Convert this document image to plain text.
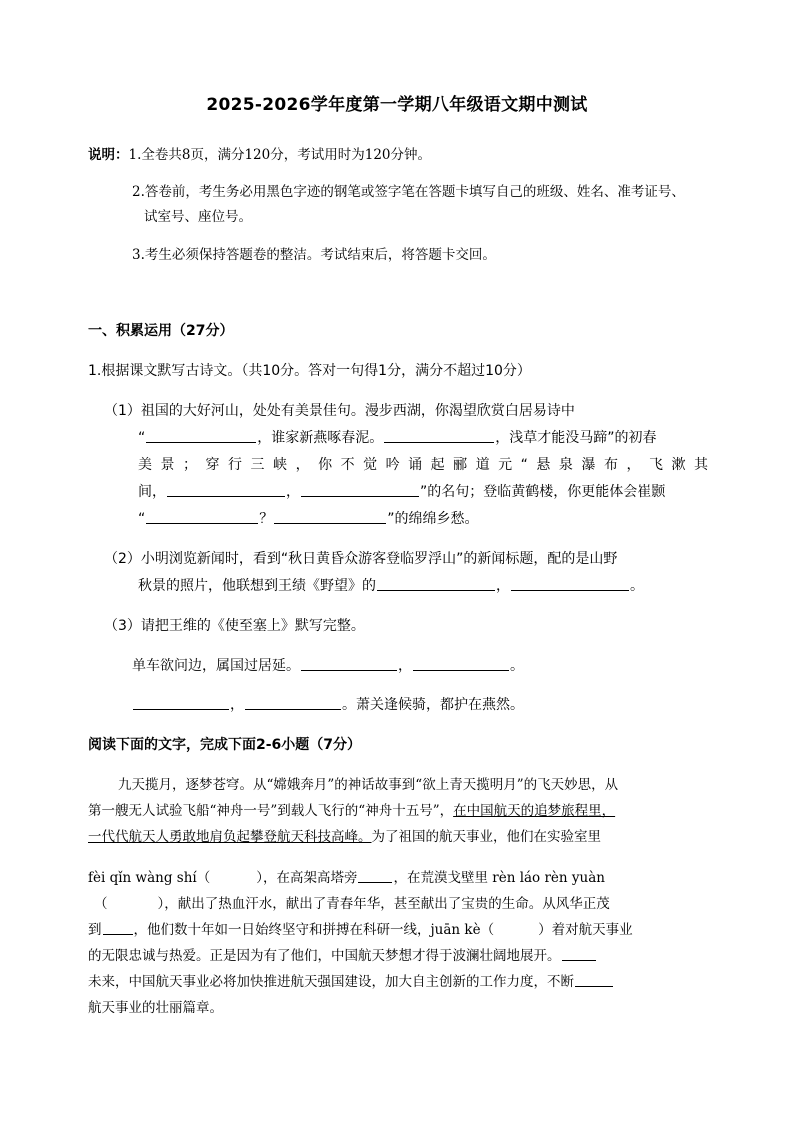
2025-2026学年度第一学期八年级语文期中测试
说明：1.全卷共8页，满分120分，考试用时为120分钟。
2.答卷前，考生务必用黑色字迹的钢笔或签字笔在答题卡填写自己的班级、姓名、准考证号、
试室号、座位号。
3.考生必须保持答题卷的整洁。考试结束后，将答题卡交回。
一、积累运用（27分）
1.根据课文默写古诗文。（共10分。答对一句得1分，满分不超过10分）
（1）祖国的大好河山，处处有美景佳句。漫步西湖，你渴望欣赏白居易诗中
“	，谁家新燕啄春泥。	，浅草才能没马蹄”的初春
美景；穿行三峡，你不觉吟诵起郦道元“悬泉瀑布，飞漱其
间，	，	”的名句；登临黄鹤楼，你更能体会崔颢
“	？	”的绵绵乡愁。
（2）小明浏览新闻时，看到“秋日黄昏众游客登临罗浮山”的新闻标题，配的是山野
秋景的照片，他联想到王绩《野望》的	，	。
（3）请把王维的《使至塞上》默写完整。
单车欲问边，属国过居延。	，	。
，	。萧关逢候骑，都护在燕然。
阅读下面的文字，完成下面2-6小题（7分）
九天揽月，逐梦苍穹。从“嫦娥奔月”的神话故事到“欲上青天揽明月”的飞天妙思，从
第一艘无人试验飞船“神舟一号”到载人飞行的“神舟十五号”，在中国航天的追梦旅程里，
一代代航天人勇敢地肩负起攀登航天科技高峰。为了祖国的航天事业，他们在实验室里
fèi qǐn wàng shí（	），在高架高塔旁	，在荒漠戈壁里 rèn láo rèn yuàn
（	），献出了热血汗水，献出了青春年华，甚至献出了宝贵的生命。从风华正茂
到 ，他们数十年如一日始终坚守和拼搏在科研一线，juān kè（	）着对航天事业
的无限忠诚与热爱。正是因为有了他们，中国航天梦想才得于波澜壮阔地展开。
未来，中国航天事业必将加快推进航天强国建设，加大自主创新的工作力度，不断
航天事业的壮丽篇章。
